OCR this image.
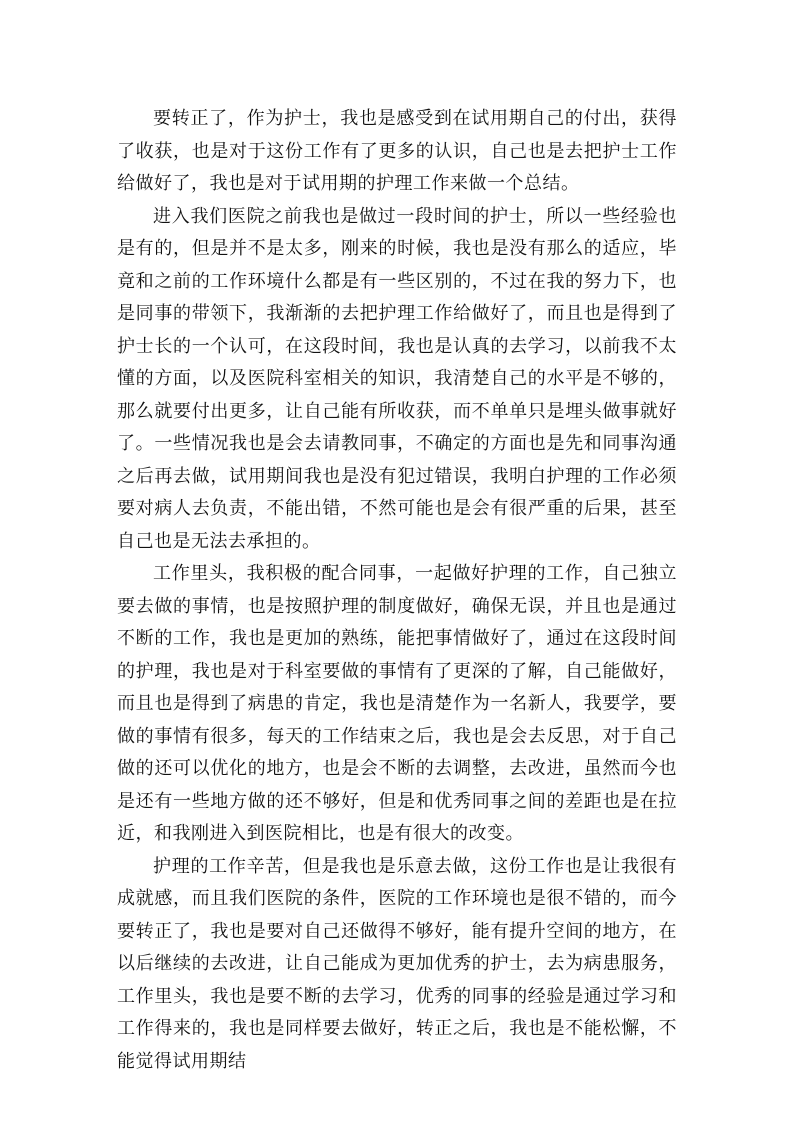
要转正了，作为护士，我也是感受到在试用期自己的付出，获得了收获，也是对于这份工作有了更多的认识，自己也是去把护士工作给做好了，我也是对于试用期的护理工作来做一个总结。

进入我们医院之前我也是做过一段时间的护士，所以一些经验也是有的，但是并不是太多，刚来的时候，我也是没有那么的适应，毕竟和之前的工作环境什么都是有一些区别的，不过在我的努力下，也是同事的带领下，我渐渐的去把护理工作给做好了，而且也是得到了护士长的一个认可，在这段时间，我也是认真的去学习，以前我不太懂的方面，以及医院科室相关的知识，我清楚自己的水平是不够的，那么就要付出更多，让自己能有所收获，而不单单只是埋头做事就好了。一些情况我也是会去请教同事，不确定的方面也是先和同事沟通之后再去做，试用期间我也是没有犯过错误，我明白护理的工作必须要对病人去负责，不能出错，不然可能也是会有很严重的后果，甚至自己也是无法去承担的。

工作里头，我积极的配合同事，一起做好护理的工作，自己独立要去做的事情，也是按照护理的制度做好，确保无误，并且也是通过不断的工作，我也是更加的熟练，能把事情做好了，通过在这段时间的护理，我也是对于科室要做的事情有了更深的了解，自己能做好，而且也是得到了病患的肯定，我也是清楚作为一名新人，我要学，要做的事情有很多，每天的工作结束之后，我也是会去反思，对于自己做的还可以优化的地方，也是会不断的去调整，去改进，虽然而今也是还有一些地方做的还不够好，但是和优秀同事之间的差距也是在拉近，和我刚进入到医院相比，也是有很大的改变。

护理的工作辛苦，但是我也是乐意去做，这份工作也是让我很有成就感，而且我们医院的条件，医院的工作环境也是很不错的，而今要转正了，我也是要对自己还做得不够好，能有提升空间的地方，在以后继续的去改进，让自己能成为更加优秀的护士，去为病患服务，工作里头，我也是要不断的去学习，优秀的同事的经验是通过学习和工作得来的，我也是同样要去做好，转正之后，我也是不能松懈，不能觉得试用期结
